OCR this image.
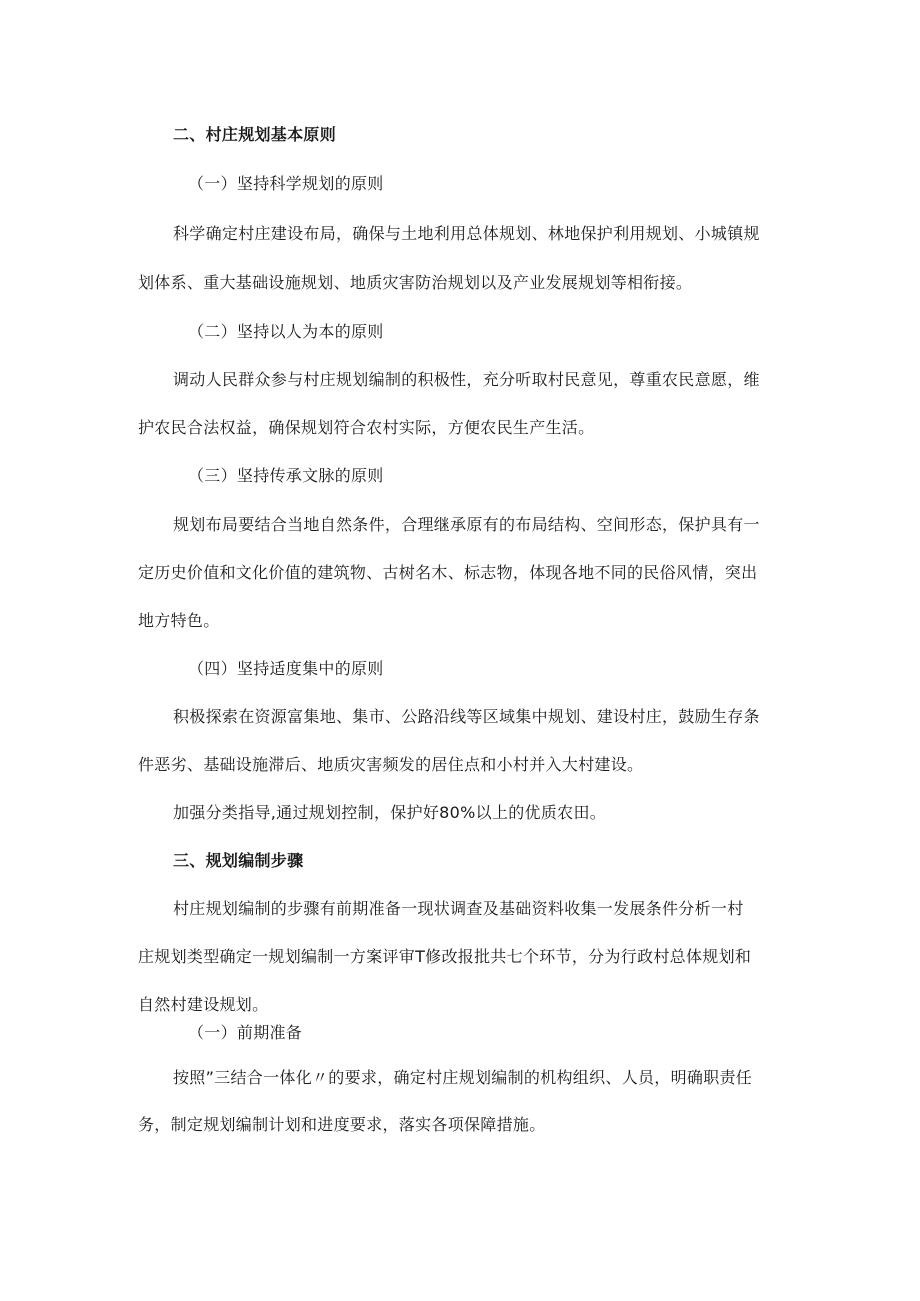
二、村庄规划基本原则
（一）坚持科学规划的原则
科学确定村庄建设布局，确保与土地利用总体规划、林地保护利用规划、小城镇规
划体系、重大基础设施规划、地质灾害防治规划以及产业发展规划等相衔接。
（二）坚持以人为本的原则
调动人民群众参与村庄规划编制的积极性，充分听取村民意见，尊重农民意愿，维
护农民合法权益，确保规划符合农村实际，方便农民生产生活。
（三）坚持传承文脉的原则
规划布局要结合当地自然条件，合理继承原有的布局结构、空间形态，保护具有一
定历史价值和文化价值的建筑物、古树名木、标志物，体现各地不同的民俗风情，突出
地方特色。
（四）坚持适度集中的原则
积极探索在资源富集地、集市、公路沿线等区域集中规划、建设村庄，鼓励生存条
件恶劣、基础设施滞后、地质灾害频发的居住点和小村并入大村建设。
加强分类指导,通过规划控制，保护好80%以上的优质农田。
三、规划编制步骤
村庄规划编制的步骤有前期准备一现状调查及基础资料收集一发展条件分析一村
庄规划类型确定一规划编制一方案评审T修改报批共七个环节，分为行政村总体规划和
自然村建设规划。
（一）前期准备
按照”三结合一体化〃的要求，确定村庄规划编制的机构组织、人员，明确职责任
务，制定规划编制计划和进度要求，落实各项保障措施。
